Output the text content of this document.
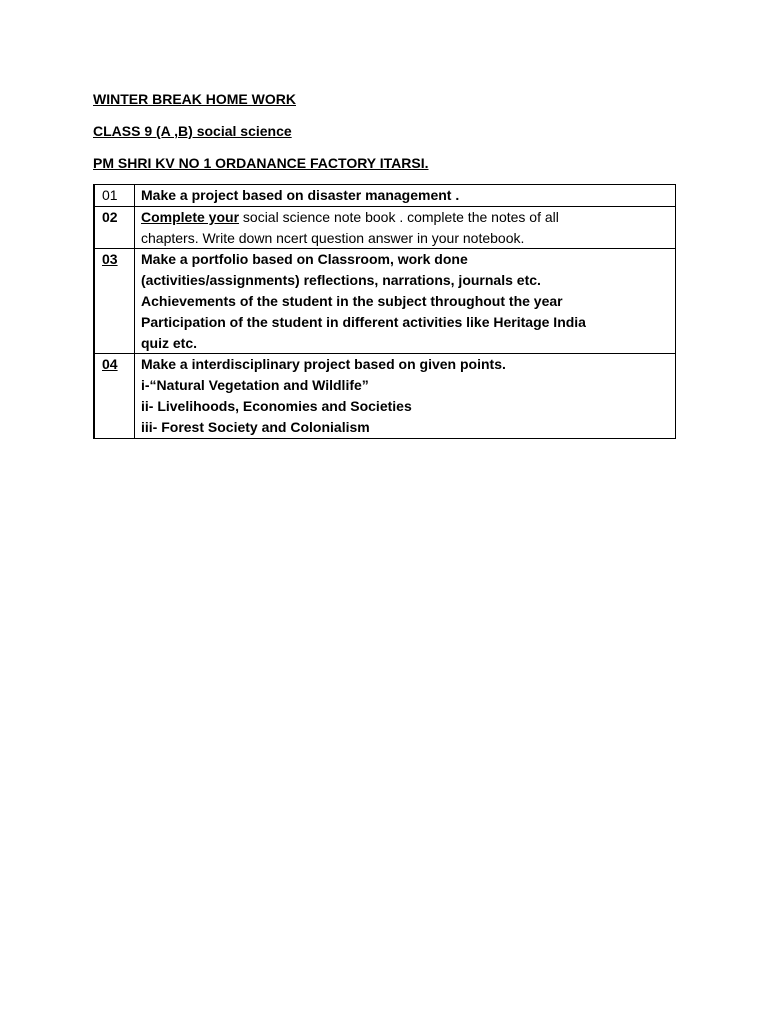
WINTER BREAK HOME WORK
CLASS 9 (A ,B) social science
PM SHRI KV NO 1 ORDANANCE FACTORY ITARSI.
	01	Make a project based on disaster management .

02	Complete your social science note book . complete the notes of all
chapters. Write down ncert question answer in your notebook.

03	Make a portfolio based on Classroom, work done
(activities/assignments) reflections, narrations, journals etc.
Achievements of the student in the subject throughout the year
Participation of the student in different activities like Heritage India
quiz etc.

04	Make a interdisciplinary project based on given points.
i-“Natural Vegetation and Wildlife”
ii- Livelihoods, Economies and Societies
iii- Forest Society and Colonialism
